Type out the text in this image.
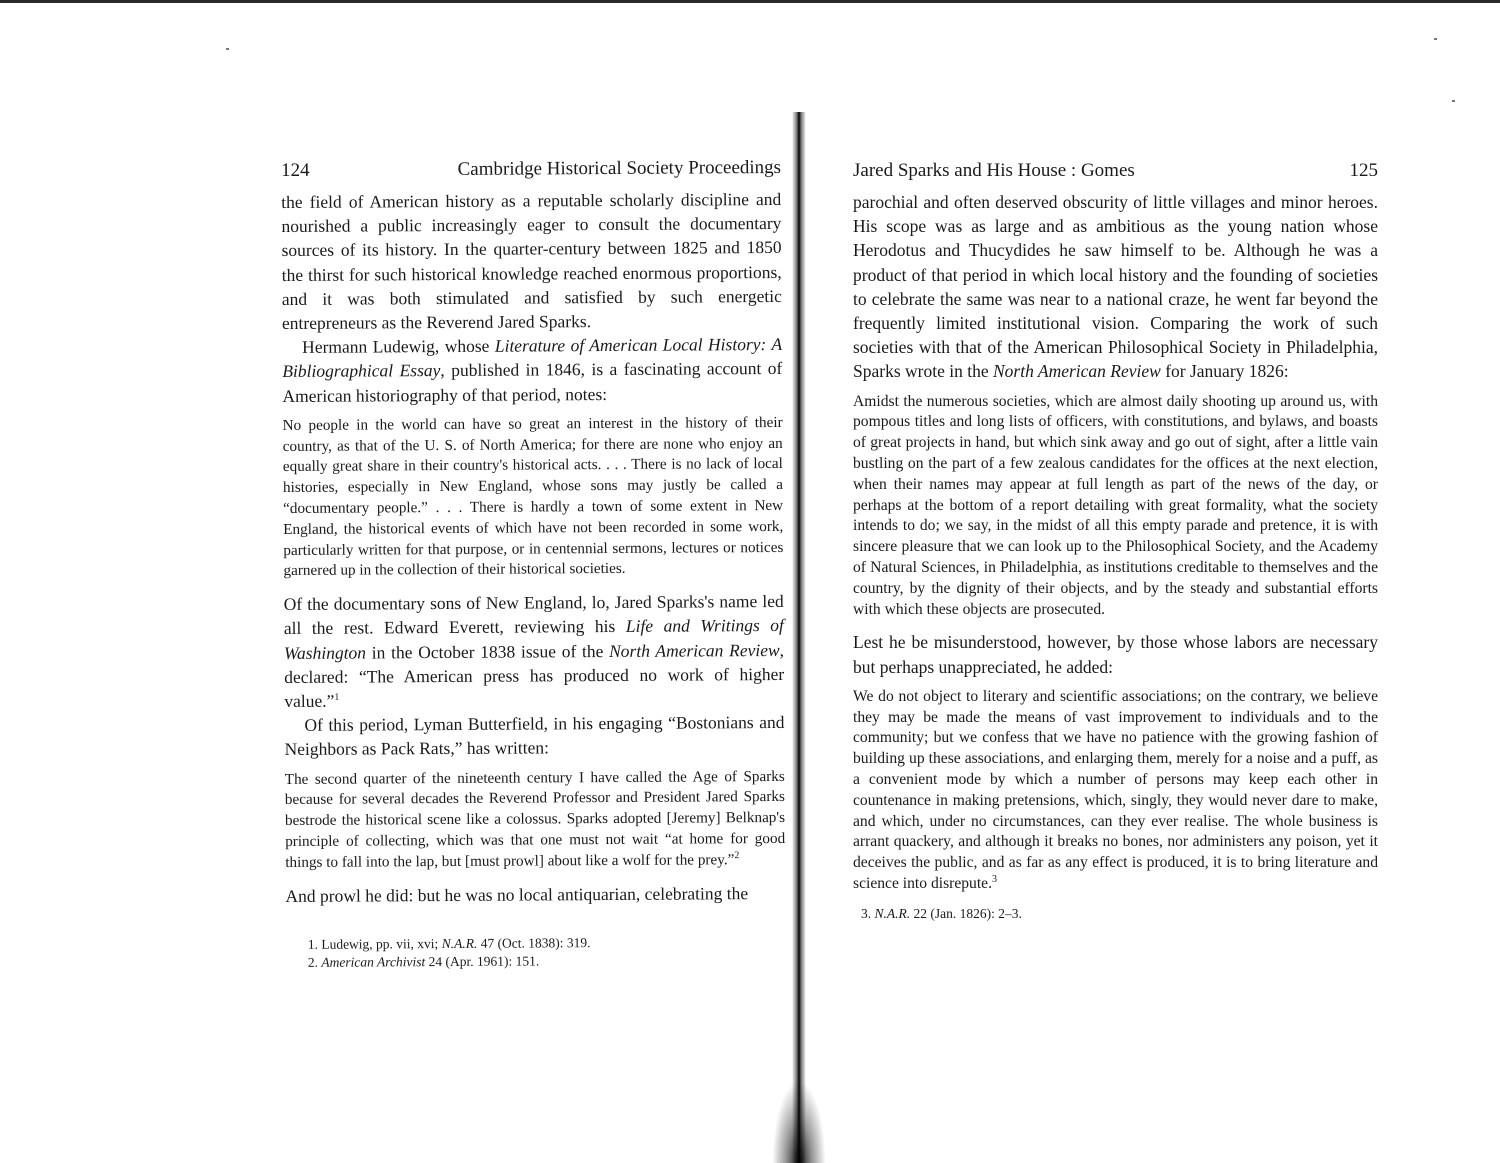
124	Cambridge Historical Society Proceedings

the field of American history as a reputable scholarly discipline and nourished a public increasingly eager to consult the documentary sources of its history. In the quarter-century between 1825 and 1850 the thirst for such historical knowledge reached enormous proportions, and it was both stimulated and satisfied by such energetic entrepreneurs as the Reverend Jared Sparks.

Hermann Ludewig, whose Literature of American Local History: A Bibliographical Essay, published in 1846, is a fascinating account of American historiography of that period, notes:

No people in the world can have so great an interest in the history of their country, as that of the U. S. of North America; for there are none who enjoy an equally great share in their country's historical acts. . . . There is no lack of local histories, especially in New England, whose sons may justly be called a “documentary people.” . . . There is hardly a town of some extent in New England, the historical events of which have not been recorded in some work, particularly written for that purpose, or in centennial sermons, lectures or notices garnered up in the collection of their historical societies.

Of the documentary sons of New England, lo, Jared Sparks's name led all the rest. Edward Everett, reviewing his Life and Writings of Washington in the October 1838 issue of the North American Review, declared: “The American press has produced no work of higher value.”$^1$

Of this period, Lyman Butterfield, in his engaging “Bostonians and Neighbors as Pack Rats,” has written:

The second quarter of the nineteenth century I have called the Age of Sparks because for several decades the Reverend Professor and President Jared Sparks bestrode the historical scene like a colossus. Sparks adopted [Jeremy] Belknap's principle of collecting, which was that one must not wait “at home for good things to fall into the lap, but [must prowl] about like a wolf for the prey.”$^2$

And prowl he did: but he was no local antiquarian, celebrating the

1. Ludewig, pp. vii, xvi; N.A.R. 47 (Oct. 1838): 319.
2. American Archivist 24 (Apr. 1961): 151.
Jared Sparks and His House : Gomes	125

parochial and often deserved obscurity of little villages and minor heroes. His scope was as large and as ambitious as the young nation whose Herodotus and Thucydides he saw himself to be. Although he was a product of that period in which local history and the founding of societies to celebrate the same was near to a national craze, he went far beyond the frequently limited institutional vision. Comparing the work of such societies with that of the American Philosophical Society in Philadelphia, Sparks wrote in the North American Review for January 1826:

Amidst the numerous societies, which are almost daily shooting up around us, with pompous titles and long lists of officers, with constitutions, and bylaws, and boasts of great projects in hand, but which sink away and go out of sight, after a little vain bustling on the part of a few zealous candidates for the offices at the next election, when their names may appear at full length as part of the news of the day, or perhaps at the bottom of a report detailing with great formality, what the society intends to do; we say, in the midst of all this empty parade and pretence, it is with sincere pleasure that we can look up to the Philosophical Society, and the Academy of Natural Sciences, in Philadelphia, as institutions creditable to themselves and the country, by the dignity of their objects, and by the steady and substantial efforts with which these objects are prosecuted.

Lest he be misunderstood, however, by those whose labors are necessary but perhaps unappreciated, he added:

We do not object to literary and scientific associations; on the contrary, we believe they may be made the means of vast improvement to individuals and to the community; but we confess that we have no patience with the growing fashion of building up these associations, and enlarging them, merely for a noise and a puff, as a convenient mode by which a number of persons may keep each other in countenance in making pretensions, which, singly, they would never dare to make, and which, under no circumstances, can they ever realise. The whole business is arrant quackery, and although it breaks no bones, nor administers any poison, yet it deceives the public, and as far as any effect is produced, it is to bring literature and science into disrepute.$^3$

3. N.A.R. 22 (Jan. 1826): 2–3.
